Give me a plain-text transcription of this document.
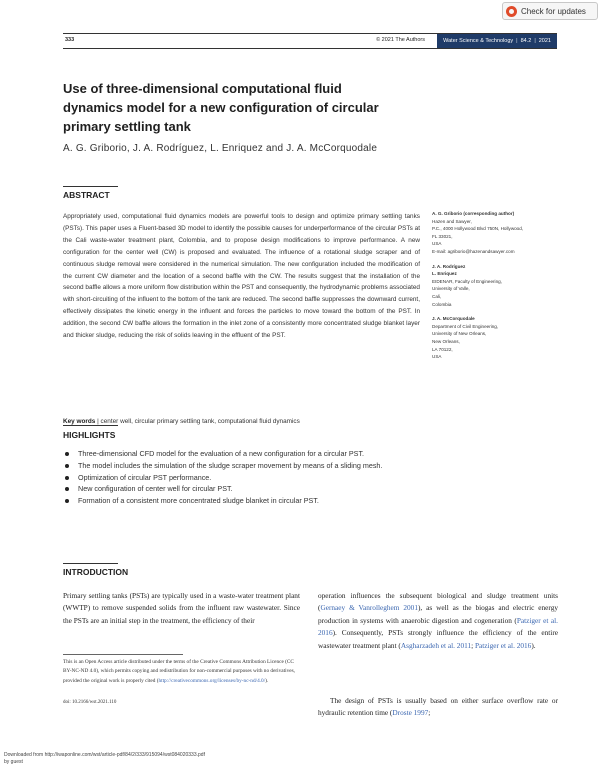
Check for updates
333	© 2021 The Authors	Water Science & Technology | 84.2 | 2021
Use of three-dimensional computational fluid dynamics model for a new configuration of circular primary settling tank
A. G. Griborio, J. A. Rodríguez, L. Enriquez and J. A. McCorquodale
ABSTRACT

Appropriately used, computational fluid dynamics models are powerful tools to design and optimize primary settling tanks (PSTs). This paper uses a Fluent-based 3D model to identify the possible causes for underperformance of the circular PSTs at the Cali waste-water treatment plant, Colombia, and to propose design modifications to improve performance. A new configuration for the center well (CW) is proposed and evaluated. The influence of a rotational sludge scraper and of continuous sludge removal were considered in the numerical simulation. The new configuration included the modification of the current CW diameter and the location of a second baffle with the CW. The results suggest that the installation of the second baffle allows a more uniform flow distribution within the PST and consequently, the hydrodynamic problems associated with short-circuiting of the influent to the bottom of the tank are reduced. The second baffle suppresses the downward current, effectively dissipates the kinetic energy in the influent and forces the particles to move toward the bottom of the PST. In addition, the second CW baffle allows the formation in the inlet zone of a consistently more concentrated sludge blanket layer and thicker sludge, reducing the risk of solids leaving in the effluent of the PST.

Key words | center well, circular primary settling tank, computational fluid dynamics
A. G. Griborio (corresponding author)
Hazen and Sawyer,
P.C., 4000 Hollywood Blvd 750N, Hollywood,
FL 33021,
USA
E-mail: agriborio@hazenandsawyer.com
J. A. Rodríguez
L. Enriquez
EIDENAR, Faculty of Engineering,
University of Valle,
Cali,
Colombia
J. A. McCorquodale
Department of Civil Engineering,
University of New Orleans,
New Orleans,
LA 70122,
USA
HIGHLIGHTS
Three-dimensional CFD model for the evaluation of a new configuration for a circular PST.
The model includes the simulation of the sludge scraper movement by means of a sliding mesh.
Optimization of circular PST performance.
New configuration of center well for circular PST.
Formation of a consistent more concentrated sludge blanket in circular PST.
INTRODUCTION

Primary settling tanks (PSTs) are typically used in a waste-water treatment plant (WWTP) to remove suspended solids from the influent raw wastewater. Since the PSTs are an initial step in the treatment, the efficiency of their

operation influences the subsequent biological and sludge treatment units (Gernaey & Vanrolleghem 2001), as well as the biogas and electric energy production in systems with anaerobic digestion and cogeneration (Patziger et al. 2016). Consequently, PSTs strongly influence the efficiency of the entire wastewater treatment plant (Asgharzadeh et al. 2011; Patziger et al. 2016).

The design of PSTs is usually based on either surface overflow rate or hydraulic retention time (Droste 1997;

This is an Open Access article distributed under the terms of the Creative Commons Attribution Licence (CC BY-NC-ND 4.0), which permits copying and redistribution for non-commercial purposes with no derivatives, provided the original work is properly cited (http://creativecommons.org/licenses/by-nc-nd/4.0/).

doi: 10.2166/wst.2021.110
Downloaded from http://iwaponline.com/wst/article-pdf/84/2/333/915094/wst084020333.pdf
by guest
